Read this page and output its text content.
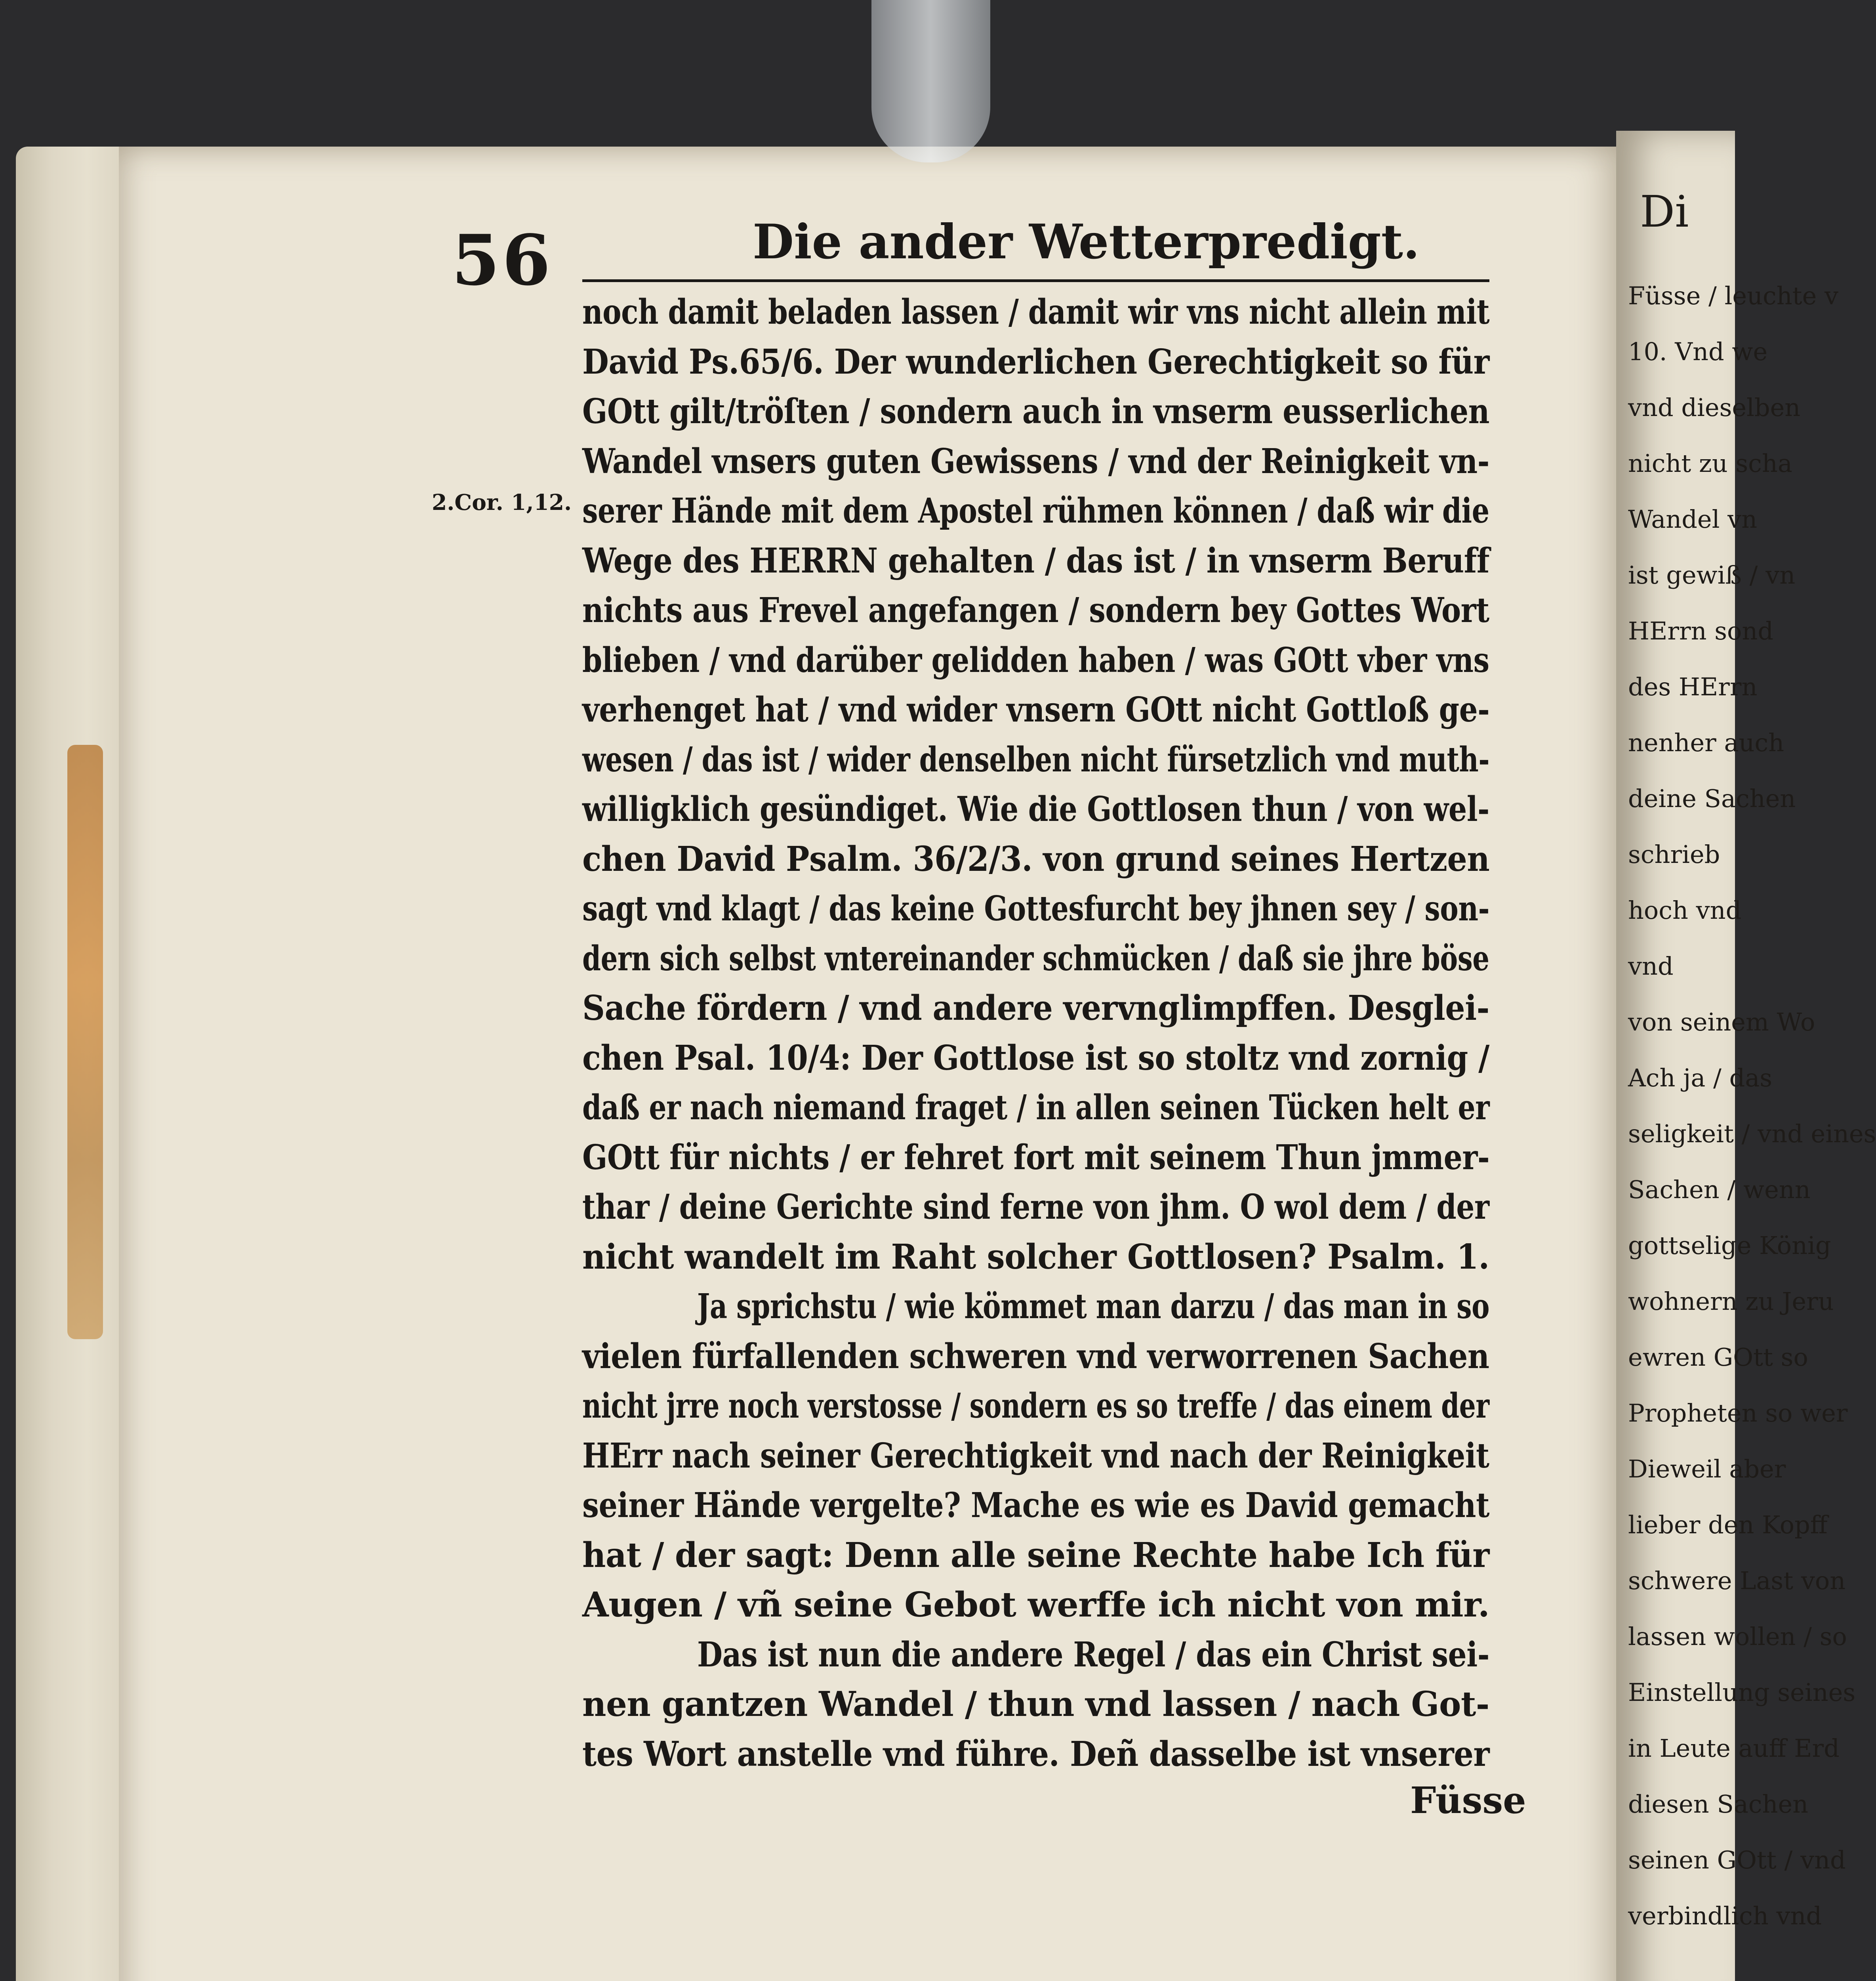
Di
Füsse / leuchte v
10. Vnd we
vnd dieselben
nicht zu scha
Wandel vn
ist gewiß / vn
HErrn sond
des HErrn
nenher auch
deine Sachen
schrieb
hoch vnd
vnd
von seinem Wo
Ach ja / das
seligkeit / vnd eines
Sachen / wenn
gottselige König
wohnern zu Jeru
ewren GOtt so
Propheten so wer
Dieweil aber
lieber den Kopff
schwere Last von
lassen wollen / so
Einstellung seines
in Leute auff Erd
diesen Sachen
seinen GOtt / vnd
verbindlich vnd
56	Die ander Wetterpredigt.
2.Cor. 1,12.
noch damit beladen lassen / damit wir vns nicht allein mit
David Ps.65/6. Der wunderlichen Gerechtigkeit so für
GOtt gilt/tröſten / sondern auch in vnserm eusserlichen
Wandel vnsers guten Gewissens / vnd der Reinigkeit vn-
serer Hände mit dem Apostel rühmen können / daß wir die
Wege des HERRN gehalten / das ist / in vnserm Beruff
nichts aus Frevel angefangen / sondern bey Gottes Wort
blieben / vnd darüber gelidden haben / was GOtt vber vns
verhenget hat / vnd wider vnsern GOtt nicht Gottloß ge-
wesen / das ist / wider denselben nicht fürsetzlich vnd muth-
willigklich gesündiget. Wie die Gottlosen thun / von wel-
chen David Psalm. 36/2/3. von grund seines Hertzen
sagt vnd klagt / das keine Gottesfurcht bey jhnen sey / son-
dern sich selbst vntereinander schmücken / daß sie jhre böse
Sache fördern / vnd andere vervnglimpffen. Desglei-
chen Psal. 10/4: Der Gottlose ist so stoltz vnd zornig /
daß er nach niemand fraget / in allen seinen Tücken helt er
GOtt für nichts / er fehret fort mit seinem Thun jmmer-
thar / deine Gerichte sind ferne von jhm. O wol dem / der
nicht wandelt im Raht solcher Gottlosen? Psalm. 1.
Ja sprichstu / wie kömmet man darzu / das man in so
vielen fürfallenden schweren vnd verworrenen Sachen
nicht jrre noch verstosse / sondern es so treffe / das einem der
HErr nach seiner Gerechtigkeit vnd nach der Reinigkeit
seiner Hände vergelte? Mache es wie es David gemacht
hat / der sagt: Denn alle seine Rechte habe Ich für
Augen / vñ seine Gebot werffe ich nicht von mir.
Das ist nun die andere Regel / das ein Christ sei-
nen gantzen Wandel / thun vnd lassen / nach Got-
tes Wort anstelle vnd führe. Deñ dasselbe ist vnserer
Füsse
